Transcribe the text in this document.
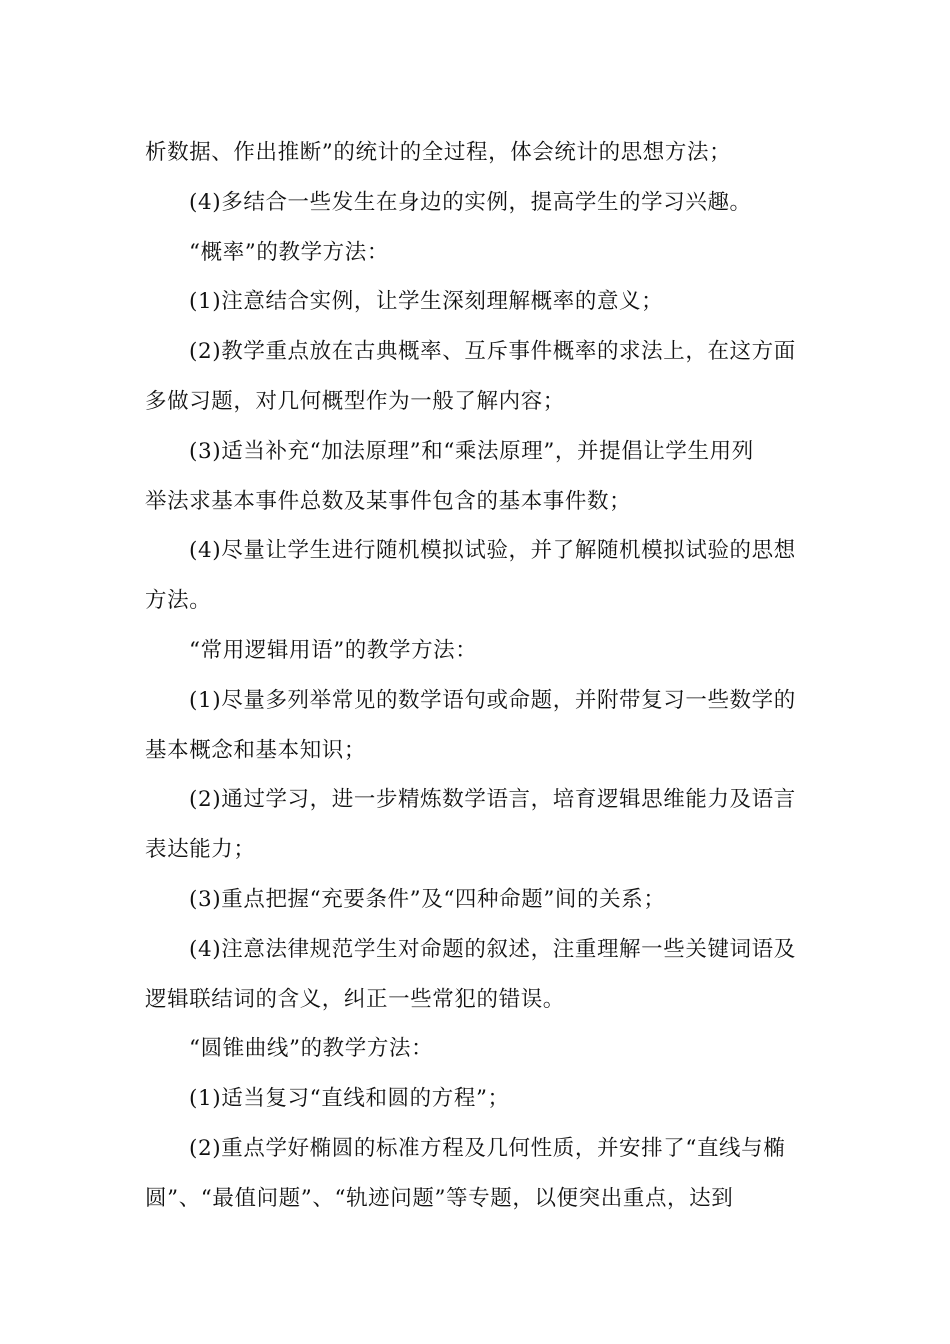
析数据、作出推断”的统计的全过程，体会统计的思想方法；
(4)多结合一些发生在身边的实例，提高学生的学习兴趣。
“概率”的教学方法：
(1)注意结合实例，让学生深刻理解概率的意义；
(2)教学重点放在古典概率、互斥事件概率的求法上，在这方面
多做习题，对几何概型作为一般了解内容；
(3)适当补充“加法原理”和“乘法原理”，并提倡让学生用列
举法求基本事件总数及某事件包含的基本事件数；
(4)尽量让学生进行随机模拟试验，并了解随机模拟试验的思想
方法。
“常用逻辑用语”的教学方法：
(1)尽量多列举常见的数学语句或命题，并附带复习一些数学的
基本概念和基本知识；
(2)通过学习，进一步精炼数学语言，培育逻辑思维能力及语言
表达能力；
(3)重点把握“充要条件”及“四种命题”间的关系；
(4)注意法律规范学生对命题的叙述，注重理解一些关键词语及
逻辑联结词的含义，纠正一些常犯的错误。
“圆锥曲线”的教学方法：
(1)适当复习“直线和圆的方程”；
(2)重点学好椭圆的标准方程及几何性质，并安排了“直线与椭
圆”、“最值问题”、“轨迹问题”等专题，以便突出重点，达到
